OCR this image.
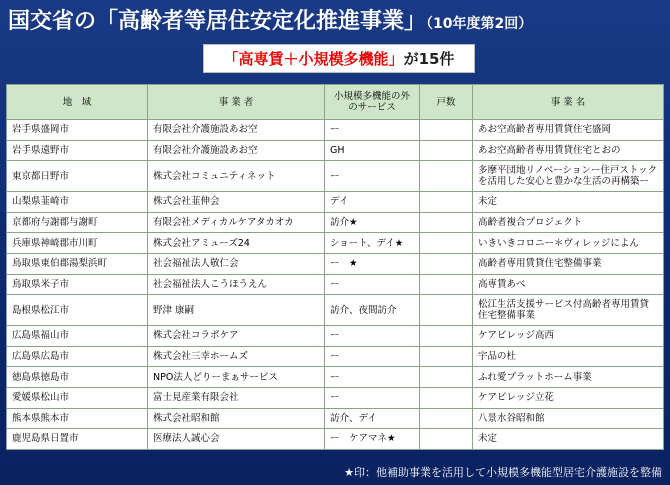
国交省の「高齢者等居住安定化推進事業」（10年度第2回）
「高専賃＋小規模多機能」 が15件
地　域	事 業 者	小規模多機能の外のサービス	戸数	事 業 名
岩手県盛岡市	有限会社介護施設あお空	ー		あお空高齢者専用賃貸住宅盛岡
岩手県遠野市	有限会社介護施設あお空	GH		あお空高齢者専用賃貸住宅とおの
東京都日野市	株式会社コミュニティネット	ー		多摩平団地リノベーションー住戸ストックを活用した安心と豊かな生活の再構築ー
山梨県韮崎市	株式会社韮伸会	デイ		未定
京都府与謝郡与謝町	有限会社メディカルケアタカオカ	訪介★		高齢者複合プロジェクト
兵庫県神崎郡市川町	株式会社アミューズ24	ショート、デイ★		いきいきコロニー＊ヴィレッジによん
鳥取県東伯郡湯梨浜町	社会福祉法人敬仁会	ー　★		高齢者専用賃貸住宅整備事業
鳥取県米子市	社会福祉法人こうほうえん	ー		高専賃あべ
島根県松江市	野津 康嗣	訪介、夜間訪介		松江生活支援サービス付高齢者専用賃貸住宅整備事業
広島県福山市	株式会社コラボケア	ー		ケアビレッジ高西
広島県広島市	株式会社三幸ホームズ	ー		宇品の杜
徳島県徳島市	NPO法人どりーまぁサービス	ー		ふれ愛プラットホーム事業
愛媛県松山市	富士見産業有限会社	ー		ケアビレッジ立花
熊本県熊本市	株式会社昭和館	訪介、デイ		八景水谷昭和館
鹿児島県日置市	医療法人誠心会	ー　ケアマネ★		未定
★印：他補助事業を活用して小規模多機能型居宅介護施設を整備
